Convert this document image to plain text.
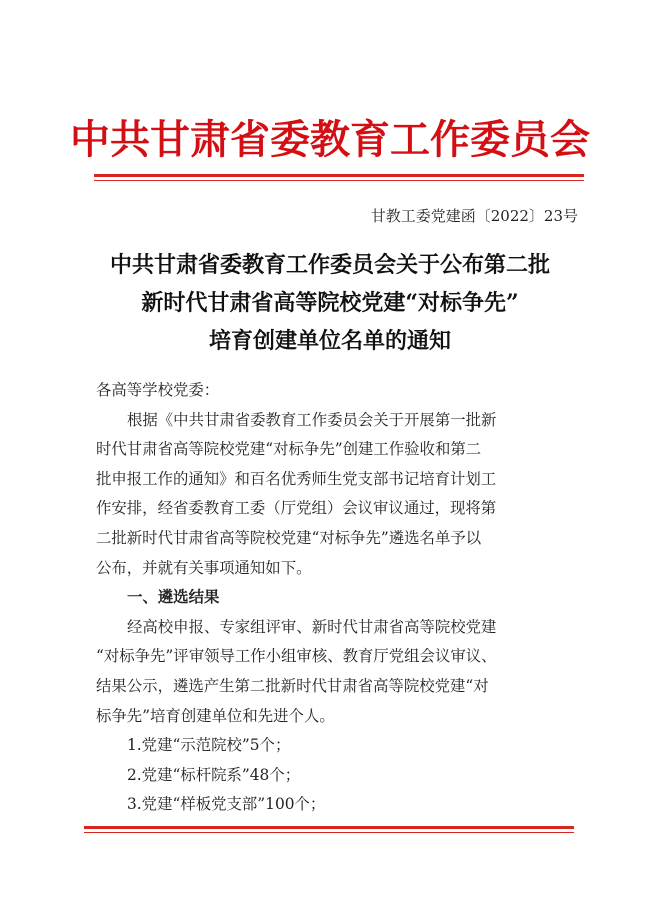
中共甘肃省委教育工作委员会
甘教工委党建函〔2022〕23号
中共甘肃省委教育工作委员会关于公布第二批
新时代甘肃省高等院校党建“对标争先”
培育创建单位名单的通知

各高等学校党委：

根据《中共甘肃省委教育工作委员会关于开展第一批新

时代甘肃省高等院校党建“对标争先”创建工作验收和第二

批申报工作的通知》和百名优秀师生党支部书记培育计划工

作安排，经省委教育工委（厅党组）会议审议通过，现将第

二批新时代甘肃省高等院校党建“对标争先”遴选名单予以

公布，并就有关事项通知如下。

一、遴选结果

经高校申报、专家组评审、新时代甘肃省高等院校党建

“对标争先”评审领导工作小组审核、教育厅党组会议审议、

结果公示，遴选产生第二批新时代甘肃省高等院校党建“对

标争先”培育创建单位和先进个人。

1.党建“示范院校”5个；

2.党建“标杆院系”48个；

3.党建“样板党支部”100个；
